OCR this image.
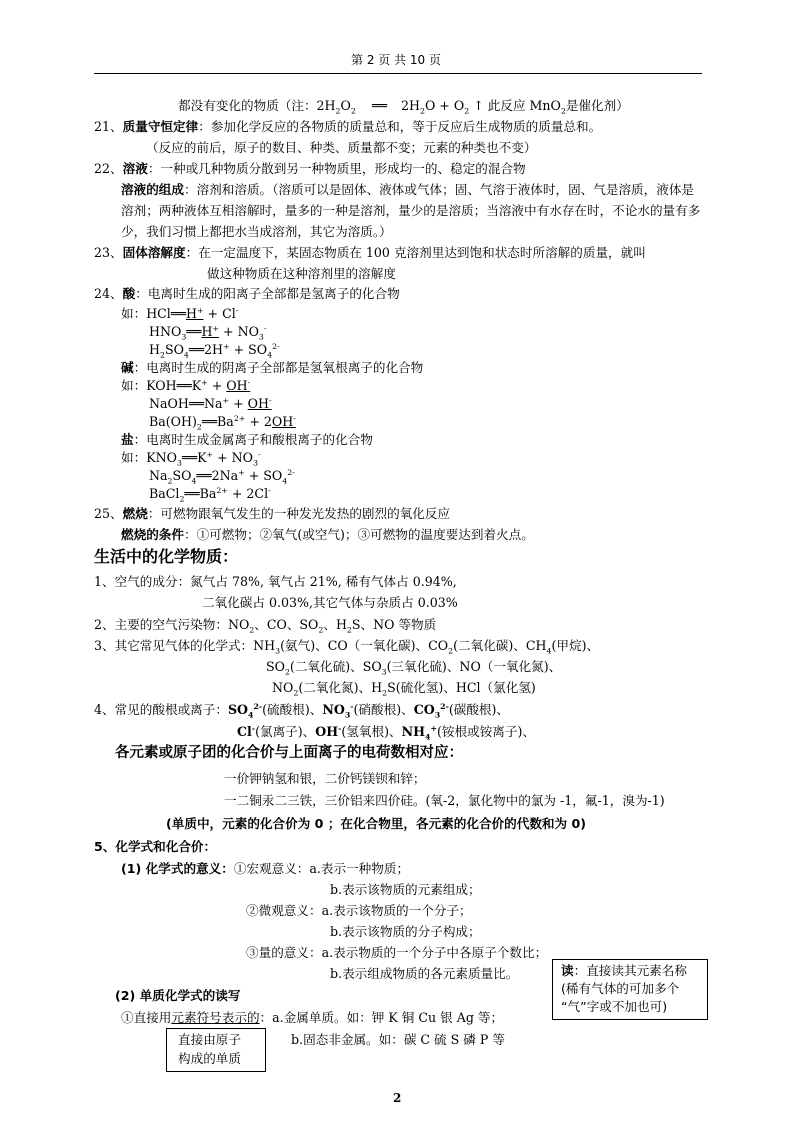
第 2 页 共 10 页
都没有变化的物质（注：$2H_2O_2$ ══ $2H_2O + O_2$ ↑ 此反应 MnO$_2$是催化剂）
21、质量守恒定律：参加化学反应的各物质的质量总和，等于反应后生成物质的质量总和。
（反应的前后，原子的数目、种类、质量都不变；元素的种类也不变）
22、溶液：一种或几种物质分散到另一种物质里，形成均一的、稳定的混合物
溶液的组成：溶剂和溶质。（溶质可以是固体、液体或气体；固、气溶于液体时，固、气是溶质，液体是
溶剂；两种液体互相溶解时，量多的一种是溶剂，量少的是溶质；当溶液中有水存在时，不论水的量有多
少，我们习惯上都把水当成溶剂，其它为溶质。）
23、固体溶解度：在一定温度下，某固态物质在 100 克溶剂里达到饱和状态时所溶解的质量，就叫
做这种物质在这种溶剂里的溶解度
24、酸：电离时生成的阳离子全部都是氢离子的化合物
如：HCl══H+ + Cl-
$HNO_3══H^+ + NO_3^-$
$H_2SO_4══2H^+ + SO_4^{2-}$
碱：电离时生成的阴离子全部都是氢氧根离子的化合物
如：KOH══K+ + OH-
NaOH══Na+ + OH-
$Ba(OH)_2══Ba^{2+} + 2OH^-$
盐：电离时生成金属离子和酸根离子的化合物
如：$KNO_3══K^+ + NO_3^-$
$Na_2SO_4══2Na^+ + SO_4^{2-}$
$BaCl_2══Ba^{2+} + 2Cl^-$
25、燃烧：可燃物跟氧气发生的一种发光发热的剧烈的氧化反应
燃烧的条件：①可燃物；②氧气(或空气)；③可燃物的温度要达到着火点。
生活中的化学物质：
1、空气的成分：氮气占 78%, 氧气占 21%, 稀有气体占 0.94%,
二氧化碳占 0.03%,其它气体与杂质占 0.03%
2、主要的空气污染物：$NO_2$、CO、$SO_2$、$H_2S$、NO 等物质
3、其它常见气体的化学式：$NH_3$(氨气)、CO（一氧化碳)、$CO_2$(二氧化碳)、$CH_4$(甲烷)、
$SO_2$(二氧化硫)、$SO_3$(三氧化硫)、NO（一氧化氮)、
$NO_2$(二氧化氮)、$H_2S$(硫化氢)、HCl（氯化氢)
4、常见的酸根或离子：$SO_4^{2-}$(硫酸根)、$NO_3^-$(硝酸根)、$CO_3^{2-}$(碳酸根)、
Cl-(氯离子)、OH-(氢氧根)、$NH_4^+$(铵根或铵离子)、
各元素或原子团的化合价与上面离子的电荷数相对应：
一价钾钠氢和银，二价钙镁钡和锌；
一二铜汞二三铁，三价铝来四价硅。(氧-2，氯化物中的氯为 -1，氟-1，溴为-1)
(单质中，元素的化合价为 0 ；在化合物里，各元素的化合价的代数和为 0)
5、化学式和化合价：
(1) 化学式的意义：①宏观意义：a.表示一种物质；
b.表示该物质的元素组成；
②微观意义：a.表示该物质的一个分子；
b.表示该物质的分子构成；
③量的意义：a.表示物质的一个分子中各原子个数比；
b.表示组成物质的各元素质量比。
(2) 单质化学式的读写
①直接用元素符号表示的：a.金属单质。如：钾 K 铜 Cu 银 Ag 等；
b.固态非金属。如：碳 C 硫 S 磷 P 等
直接由原子
构成的单质
读：直接读其元素名称
(稀有气体的可加多个
“气”字或不加也可)
2
